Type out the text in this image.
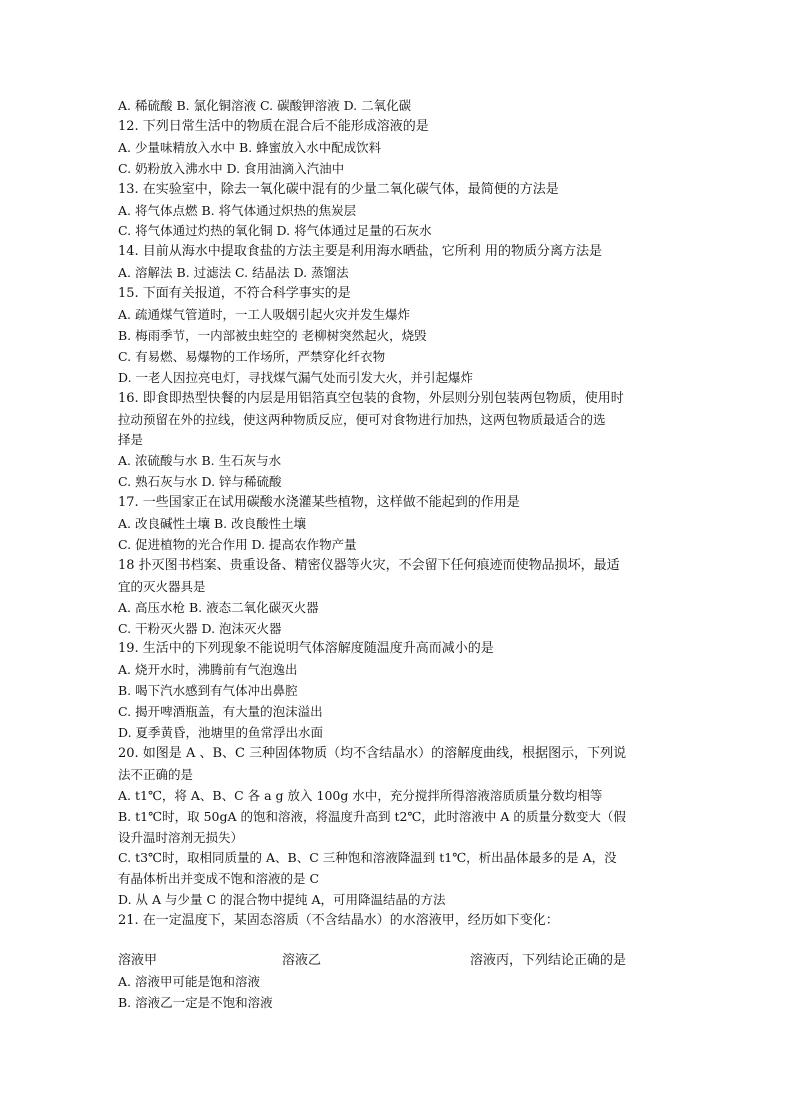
A. 稀硫酸 B. 氯化铜溶液 C. 碳酸钾溶液 D. 二氧化碳
12. 下列日常生活中的物质在混合后不能形成溶液的是
A. 少量味精放入水中 B. 蜂蜜放入水中配成饮料
C. 奶粉放入沸水中 D. 食用油滴入汽油中
13. 在实验室中，除去一氧化碳中混有的少量二氧化碳气体，最简便的方法是
A. 将气体点燃 B. 将气体通过炽热的焦炭层
C. 将气体通过灼热的氧化铜 D. 将气体通过足量的石灰水
14. 目前从海水中提取食盐的方法主要是利用海水晒盐，它所利 用的物质分离方法是
A. 溶解法 B. 过滤法 C. 结晶法 D. 蒸馏法
15. 下面有关报道，不符合科学事实的是
A. 疏通煤气管道时，一工人吸烟引起火灾并发生爆炸
B. 梅雨季节，一内部被虫蛀空的 老柳树突然起火，烧毁
C. 有易燃、易爆物的工作场所，严禁穿化纤衣物
D. 一老人因拉亮电灯，寻找煤气漏气处而引发大火，并引起爆炸
16. 即食即热型快餐的内层是用铝箔真空包装的食物，外层则分别包装两包物质，使用时
拉动预留在外的拉线，使这两种物质反应，便可对食物进行加热，这两包物质最适合的选
择是
A. 浓硫酸与水 B. 生石灰与水
C. 熟石灰与水 D. 锌与稀硫酸
17. 一些国家正在试用碳酸水浇灌某些植物，这样做不能起到的作用是
A. 改良碱性土壤 B. 改良酸性土壤
C. 促进植物的光合作用 D. 提高农作物产量
18 扑灭图书档案、贵重设备、精密仪器等火灾，不会留下任何痕迹而使物品损坏，最适
宜的灭火器具是
A. 高压水枪 B. 液态二氧化碳灭火器
C. 干粉灭火器 D. 泡沫灭火器
19. 生活中的下列现象不能说明气体溶解度随温度升高而减小的是
A. 烧开水时，沸腾前有气泡逸出
B. 喝下汽水感到有气体冲出鼻腔
C. 揭开啤酒瓶盖，有大量的泡沫溢出
D. 夏季黄昏，池塘里的鱼常浮出水面
20. 如图是 A 、B、C 三种固体物质（均不含结晶水）的溶解度曲线，根据图示，下列说
法不正确的是
A. t1℃，将 A、B、C 各 a g 放入 100g 水中，充分搅拌所得溶液溶质质量分数均相等
B. t1℃时，取 50gA 的饱和溶液，将温度升高到 t2℃，此时溶液中 A 的质量分数变大（假
设升温时溶剂无损失）
C. t3℃时，取相同质量的 A、B、C 三种饱和溶液降温到 t1℃，析出晶体最多的是 A，没
有晶体析出并变成不饱和溶液的是 C
D. 从 A 与少量 C 的混合物中提纯 A，可用降温结晶的方法
21. 在一定温度下，某固态溶质（不含结晶水）的水溶液甲，经历如下变化：
溶液甲	溶液乙	溶液丙，下列结论正确的是
A. 溶液甲可能是饱和溶液
B. 溶液乙一定是不饱和溶液
